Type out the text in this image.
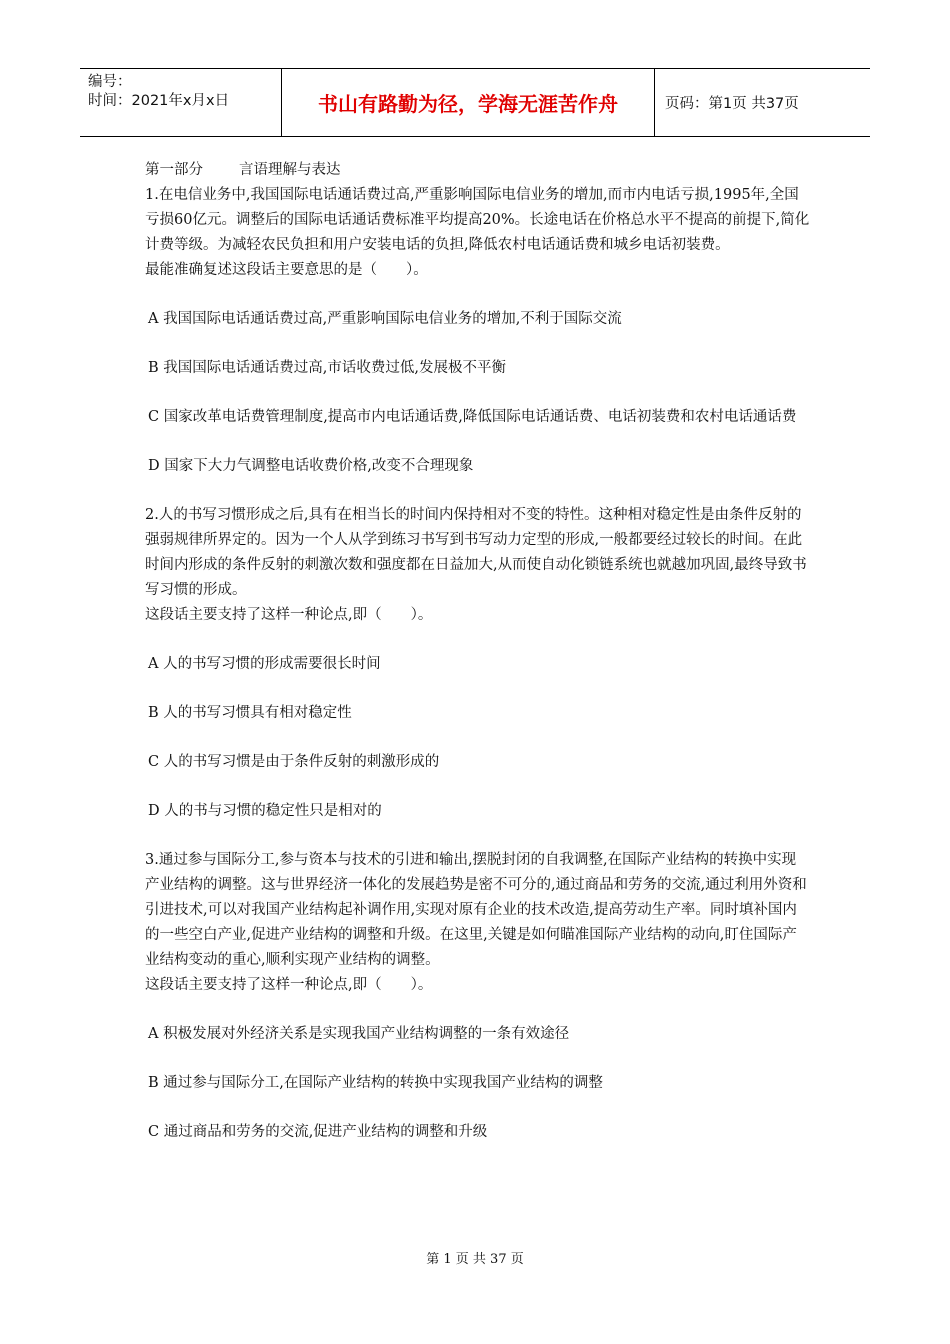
编号：
时间：2021年x月x日	书山有路勤为径，学海无涯苦作舟	页码：第1页 共37页

第一部分 言语理解与表达

1.在电信业务中,我国国际电话通话费过高,严重影响国际电信业务的增加,而市内电话亏损,1995年,全国亏损60亿元。调整后的国际电话通话费标准平均提高20%。长途电话在价格总水平不提高的前提下,简化计费等级。为减轻农民负担和用户安装电话的负担,降低农村电话通话费和城乡电话初装费。

最能准确复述这段话主要意思的是（　　）。

A 我国国际电话通话费过高,严重影响国际电信业务的增加,不利于国际交流

B 我国国际电话通话费过高,市话收费过低,发展极不平衡

C 国家改革电话费管理制度,提高市内电话通话费,降低国际电话通话费、电话初装费和农村电话通话费

D 国家下大力气调整电话收费价格,改变不合理现象

2.人的书写习惯形成之后,具有在相当长的时间内保持相对不变的特性。这种相对稳定性是由条件反射的强弱规律所界定的。因为一个人从学到练习书写到书写动力定型的形成,一般都要经过较长的时间。在此时间内形成的条件反射的刺激次数和强度都在日益加大,从而使自动化锁链系统也就越加巩固,最终导致书写习惯的形成。

这段话主要支持了这样一种论点,即（　　）。

A 人的书写习惯的形成需要很长时间

B 人的书写习惯具有相对稳定性

C 人的书写习惯是由于条件反射的刺激形成的

D 人的书与习惯的稳定性只是相对的

3.通过参与国际分工,参与资本与技术的引进和输出,摆脱封闭的自我调整,在国际产业结构的转换中实现产业结构的调整。这与世界经济一体化的发展趋势是密不可分的,通过商品和劳务的交流,通过利用外资和引进技术,可以对我国产业结构起补调作用,实现对原有企业的技术改造,提高劳动生产率。同时填补国内的一些空白产业,促进产业结构的调整和升级。在这里,关键是如何瞄准国际产业结构的动向,盯住国际产业结构变动的重心,顺利实现产业结构的调整。

这段话主要支持了这样一种论点,即（　　）。

A 积极发展对外经济关系是实现我国产业结构调整的一条有效途径

B 通过参与国际分工,在国际产业结构的转换中实现我国产业结构的调整

C 通过商品和劳务的交流,促进产业结构的调整和升级

第 1 页 共 37 页
